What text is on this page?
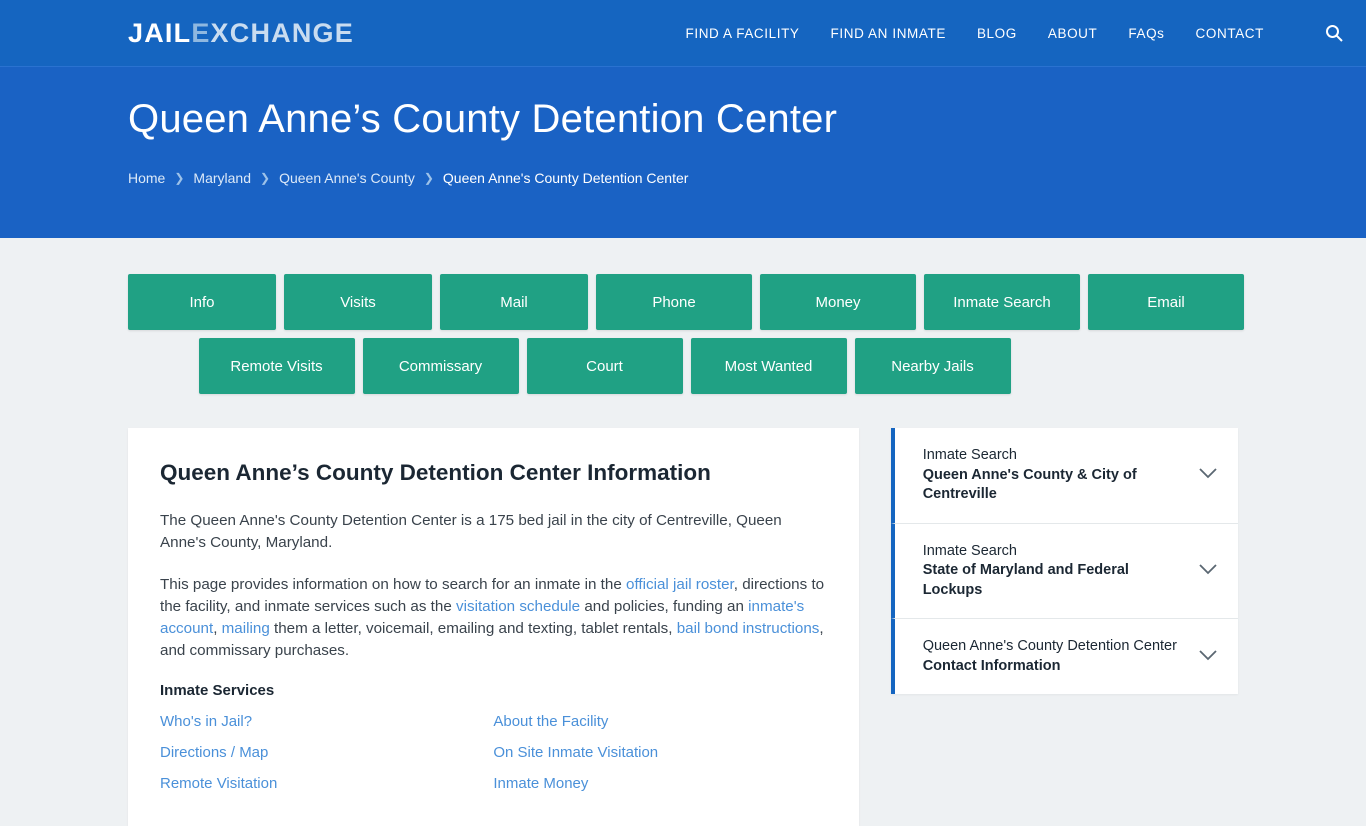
JAILEXCHANGE	FIND A FACILITY FIND AN INMATE BLOG ABOUT FAQs CONTACT
Queen Anne’s County Detention Center
Home ❯ Maryland ❯ Queen Anne's County ❯ Queen Anne's County Detention Center
Info	Visits	Mail	Phone	Money	Inmate Search	Email
Remote Visits	Commissary	Court	Most Wanted	Nearby Jails
Queen Anne’s County Detention Center Information

The Queen Anne's County Detention Center is a 175 bed jail in the city of Centreville, Queen Anne's County, Maryland.

This page provides information on how to search for an inmate in the official jail roster, directions to the facility, and inmate services such as the visitation schedule and policies, funding an inmate's account, mailing them a letter, voicemail, emailing and texting, tablet rentals, bail bond instructions, and commissary purchases.

Inmate Services
Who's in Jail?
Directions / Map
Remote Visitation
About the Facility
On Site Inmate Visitation
Inmate Money
Inmate Search
Queen Anne's County & City of Centreville
Inmate Search
State of Maryland and Federal Lockups
Queen Anne's County Detention Center
Contact Information
